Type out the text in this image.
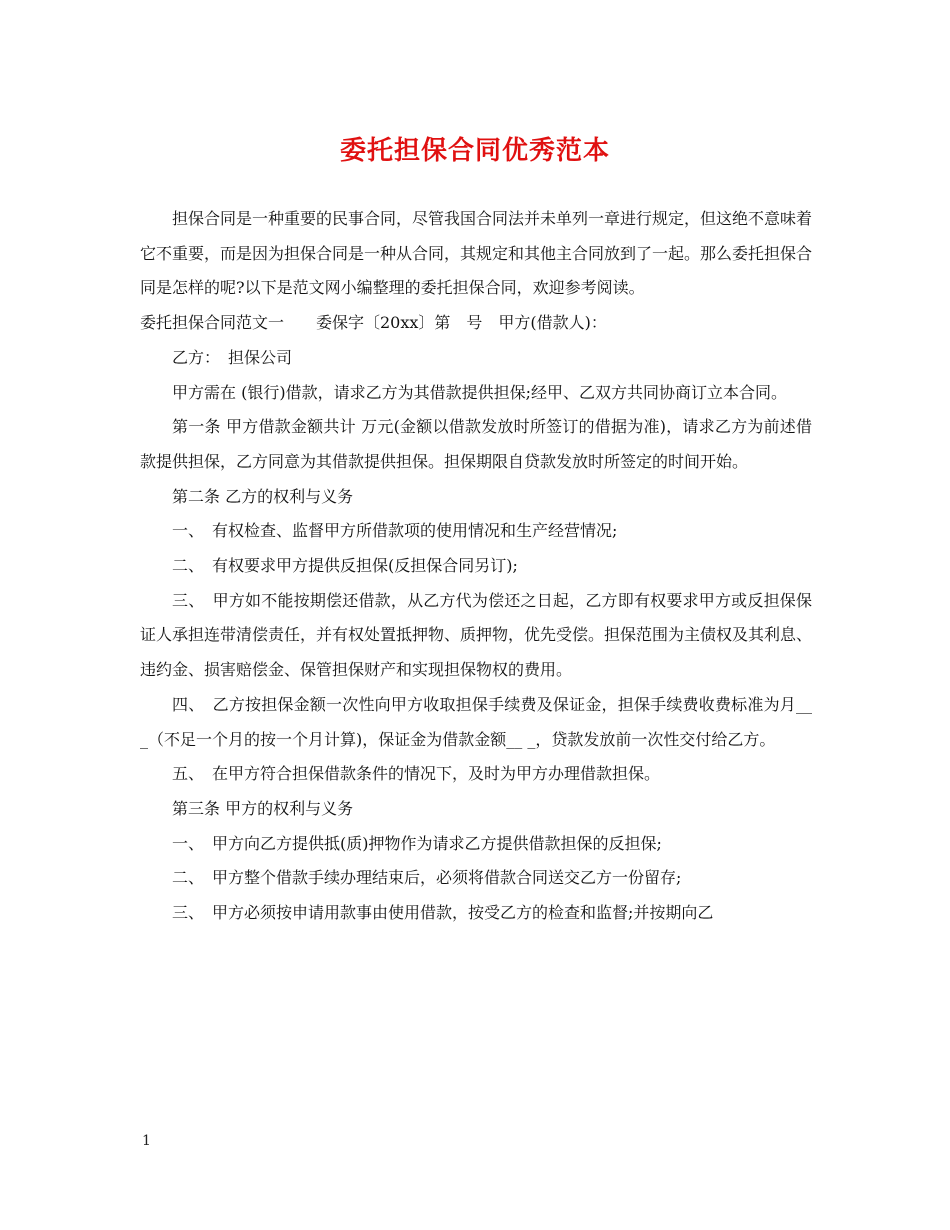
委托担保合同优秀范本

担保合同是一种重要的民事合同，尽管我国合同法并未单列一章进行规定，但这绝不意味着它不重要，而是因为担保合同是一种从合同，其规定和其他主合同放到了一起。那么委托担保合同是怎样的呢?以下是范文网小编整理的委托担保合同，欢迎参考阅读。

委托担保合同范文一　　委保字〔20xx〕第　号　甲方(借款人)：

乙方：　担保公司

甲方需在 (银行)借款，请求乙方为其借款提供担保;经甲、乙双方共同协商订立本合同。

第一条 甲方借款金额共计 万元(金额以借款发放时所签订的借据为准)，请求乙方为前述借款提供担保，乙方同意为其借款提供担保。担保期限自贷款发放时所签定的时间开始。

第二条 乙方的权利与义务

一、　有权检查、监督甲方所借款项的使用情况和生产经营情况;

二、　有权要求甲方提供反担保(反担保合同另订);

三、　甲方如不能按期偿还借款，从乙方代为偿还之日起，乙方即有权要求甲方或反担保保证人承担连带清偿责任，并有权处置抵押物、质押物，优先受偿。担保范围为主债权及其利息、违约金、损害赔偿金、保管担保财产和实现担保物权的费用。

四、　乙方按担保金额一次性向甲方收取担保手续费及保证金，担保手续费收费标准为月__ _（不足一个月的按一个月计算)，保证金为借款金额__ _，贷款发放前一次性交付给乙方。

五、　在甲方符合担保借款条件的情况下，及时为甲方办理借款担保。

第三条 甲方的权利与义务

一、　甲方向乙方提供抵(质)押物作为请求乙方提供借款担保的反担保;

二、　甲方整个借款手续办理结束后，必须将借款合同送交乙方一份留存;

三、　甲方必须按申请用款事由使用借款，按受乙方的检查和监督;并按期向乙

1
